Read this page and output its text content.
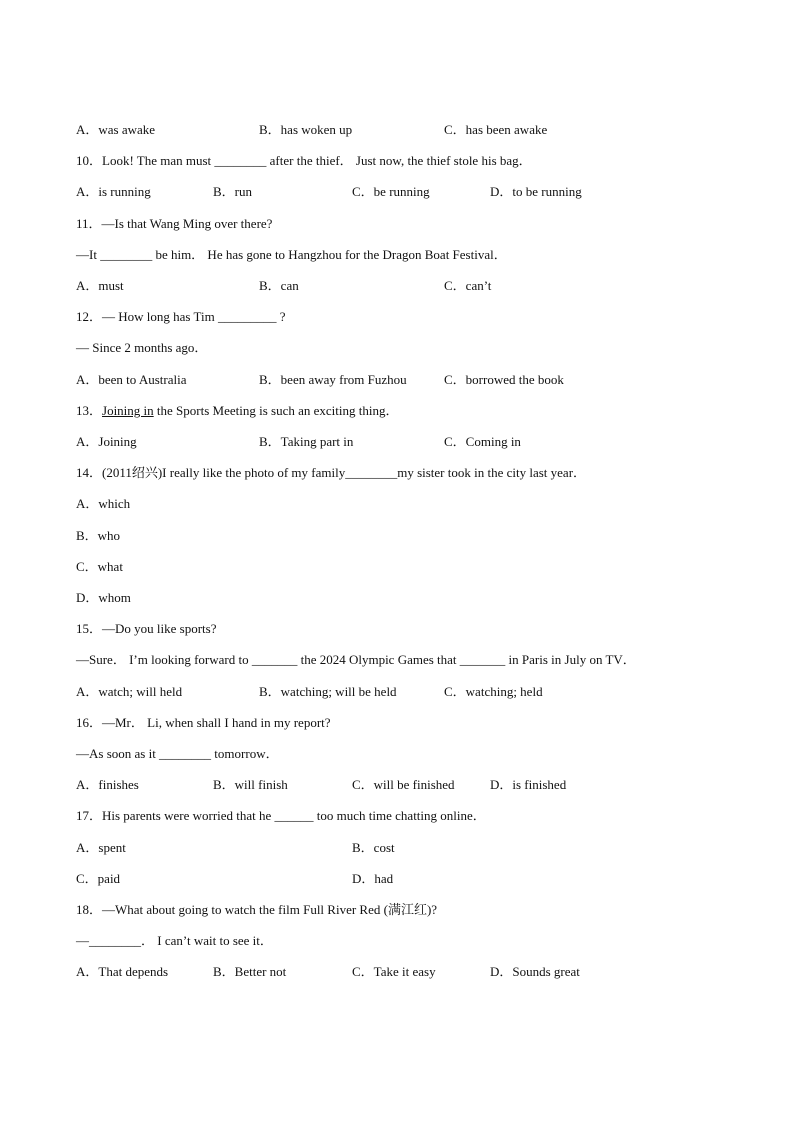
A．was awake	B．has woken up	C．has been awake
10．Look! The man must ________ after the thief． Just now, the thief stole his bag．
A．is running	B．run	C．be running	D．to be running
11．—Is that Wang Ming over there?
—It ________ be him． He has gone to Hangzhou for the Dragon Boat Festival．
A．must	B．can	C．can’t
12．— How long has Tim _________ ?
— Since 2 months ago．
A．been to Australia	B．been away from Fuzhou	C．borrowed the book
13．Joining in the Sports Meeting is such an exciting thing．
A．Joining	B．Taking part in	C．Coming in
14．(2011绍兴)I really like the photo of my family________my sister took in the city last year．
A．which
B．who
C．what
D．whom
15．—Do you like sports?
—Sure． I’m looking forward to _______ the 2024 Olympic Games that _______ in Paris in July on TV．
A．watch; will held	B．watching; will be held	C．watching; held
16．—Mr． Li, when shall I hand in my report?
—As soon as it ________ tomorrow．
A．finishes	B．will finish	C．will be finished	D．is finished
17．His parents were worried that he ______ too much time chatting online．
A．spent	B．cost
C．paid	D．had
18．—What about going to watch the film Full River Red (满江红)?
—________． I can’t wait to see it．
A．That depends	B．Better not	C．Take it easy	D．Sounds great
